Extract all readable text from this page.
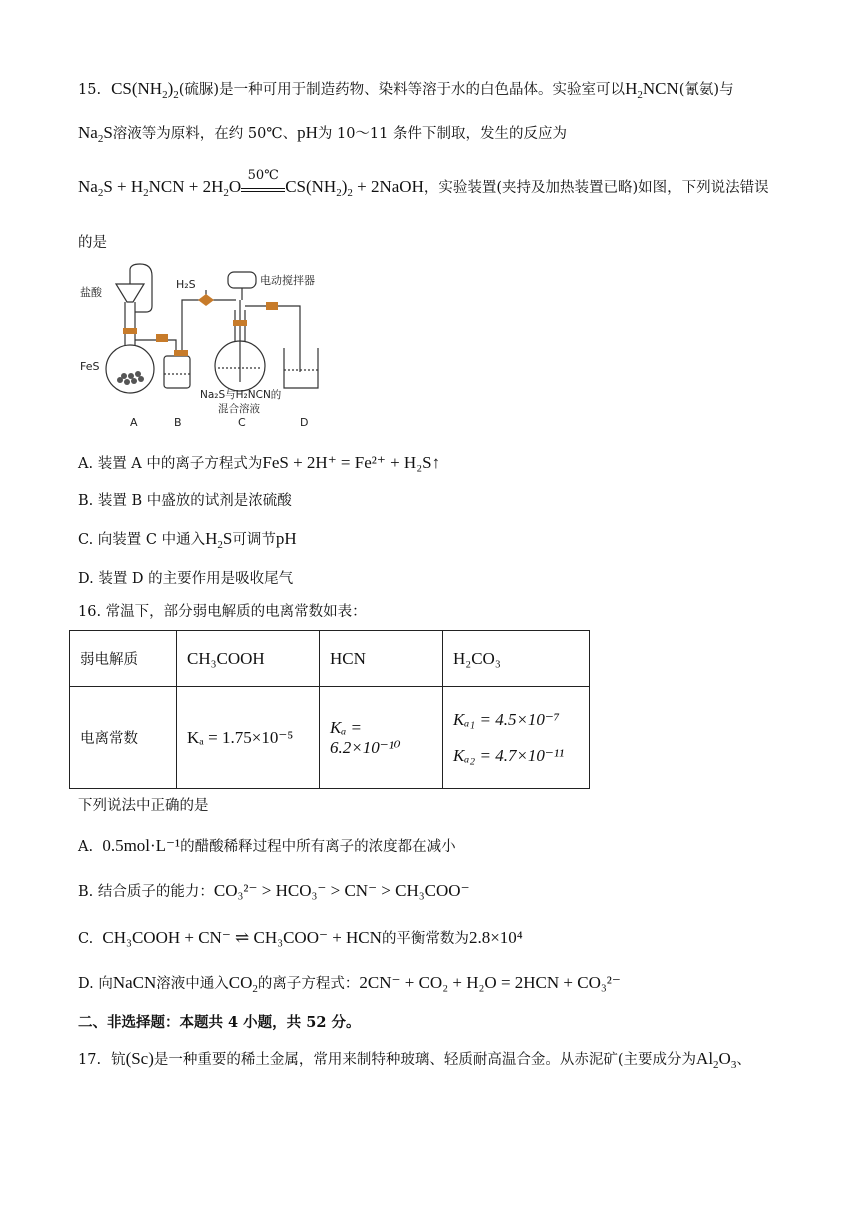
15. $CS(NH_2)_2$(硫脲)是一种可用于制造药物、染料等溶于水的白色晶体。实验室可以$H_2NCN$(氰氨)与
$Na_2S$溶液等为原料，在约 50℃、pH为 10～11 条件下制取，发生的反应为
$Na_2S + H_2NCN + 2H_2O$
50℃
$CS(NH_2)_2$ + 2NaOH，实验装置(夹持及加热装置已略)如图，下列说法错误
的是
盐酸
FeS
H₂S	电动搅拌器
Na₂S与H₂NCN的
混合溶液
A	B	C	D
A. 装置 A 中的离子方程式为FeS + 2H⁺ = Fe²⁺ + H₂S↑
B. 装置 B 中盛放的试剂是浓硫酸
C. 向装置 C 中通入$H_2S$可调节pH
D. 装置 D 的主要作用是吸收尾气
16. 常温下，部分弱电解质的电离常数如表：
弱电解质	CH₃COOH	HCN	H₂CO₃
电离常数	Kₐ = 1.75×10⁻⁵	Kₐ = 6.2×10⁻¹⁰	Kₐ₁ = 4.5×10⁻⁷
Kₐ₂ = 4.7×10⁻¹¹
下列说法中正确的是
A. 0.5mol·L⁻¹的醋酸稀释过程中所有离子的浓度都在减小
B. 结合质子的能力：CO₃²⁻ > HCO₃⁻ > CN⁻ > CH₃COO⁻
C. CH₃COOH + CN⁻ ⇌ CH₃COO⁻ + HCN的平衡常数为2.8×10⁴
D. 向NaCN溶液中通入$CO_2$的离子方程式：2CN⁻ + CO₂ + H₂O = 2HCN + CO₃²⁻
二、非选择题：本题共 4 小题，共 52 分。
17. 钪(Sc)是一种重要的稀土金属，常用来制特种玻璃、轻质耐高温合金。从赤泥矿(主要成分为$Al_2O_3$、
